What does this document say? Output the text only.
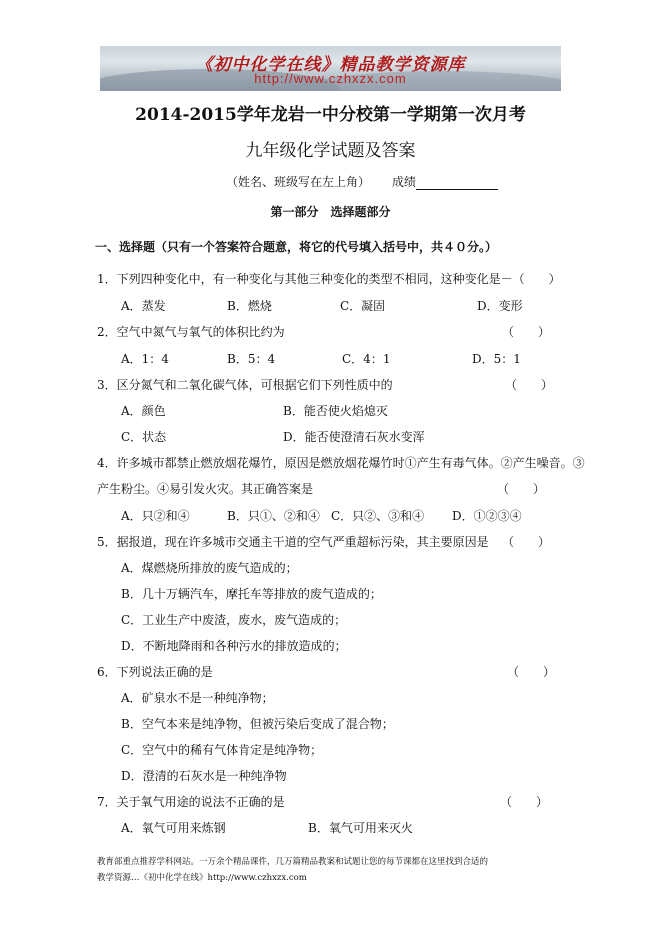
《初中化学在线》精品教学资源库
http://www.czhxzx.com
2014-2015学年龙岩一中分校第一学期第一次月考
九年级化学试题及答案
（姓名、班级写在左上角） 成绩
第一部分　选择题部分
一、选择题（只有一个答案符合题意，将它的代号填入括号中，共４０分。）
1．下列四种变化中，有一种变化与其他三种变化的类型不相同，这种变化是－（　　）
A．蒸发	B．燃烧	C．凝固	D．变形
2．空气中氮气与氧气的体积比约为	（　　）
A．1：4	B．5：4	C．4：1	D．5：1
3．区分氮气和二氧化碳气体，可根据它们下列性质中的	（　　）
A．颜色	B．能否使火焰熄灭
C．状态	D．能否使澄清石灰水变浑
4．许多城市都禁止燃放烟花爆竹，原因是燃放烟花爆竹时①产生有毒气体。②产生噪音。③
产生粉尘。④易引发火灾。其正确答案是	（　　）
A．只②和④	B．只①、②和④ C．只②、③和④ D．①②③④
5．据报道，现在许多城市交通主干道的空气严重超标污染，其主要原因是 （　　）
A．煤燃烧所排放的废气造成的；
B．几十万辆汽车，摩托车等排放的废气造成的；
C．工业生产中废渣，废水，废气造成的；
D．不断地降雨和各种污水的排放造成的；
6．下列说法正确的是	（　　）
A．矿泉水不是一种纯净物；
B．空气本来是纯净物，但被污染后变成了混合物；
C．空气中的稀有气体肯定是纯净物；
D．澄清的石灰水是一种纯净物
7．关于氧气用途的说法不正确的是	（　　）
A．氧气可用来炼钢	B．氧气可用来灭火
教育部重点推荐学科网站。一万余个精品课件，几万篇精品教案和试题让您的每节课都在这里找到合适的
教学资源…《初中化学在线》http://www.czhxzx.com
